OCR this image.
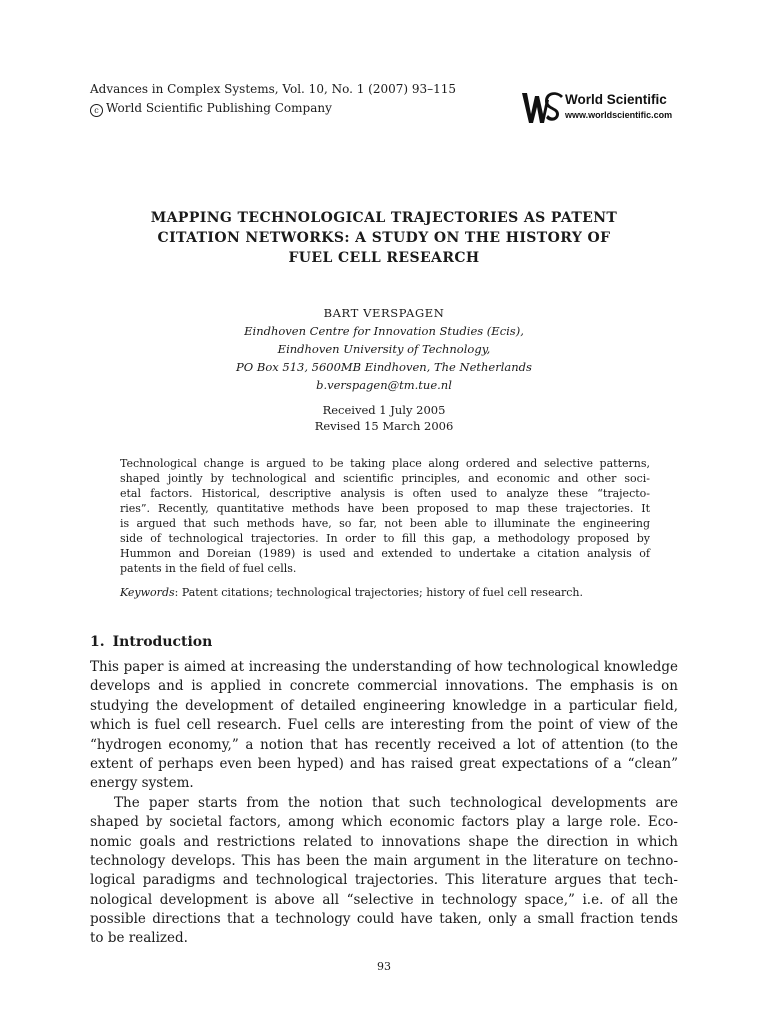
Advances in Complex Systems, Vol. 10, No. 1 (2007) 93–115
c World Scientific Publishing Company
World Scientific
www.worldscientific.com
MAPPING TECHNOLOGICAL TRAJECTORIES AS PATENT
CITATION NETWORKS: A STUDY ON THE HISTORY OF
FUEL CELL RESEARCH
BART VERSPAGEN
Eindhoven Centre for Innovation Studies (Ecis),
Eindhoven University of Technology,
PO Box 513, 5600MB Eindhoven, The Netherlands
b.verspagen@tm.tue.nl
Received 1 July 2005
Revised 15 March 2006
Technological change is argued to be taking place along ordered and selective patterns,
shaped jointly by technological and scientific principles, and economic and other soci-
etal factors. Historical, descriptive analysis is often used to analyze these “trajecto-
ries”. Recently, quantitative methods have been proposed to map these trajectories. It
is argued that such methods have, so far, not been able to illuminate the engineering
side of technological trajectories. In order to fill this gap, a methodology proposed by
Hummon and Doreian (1989) is used and extended to undertake a citation analysis of
patents in the field of fuel cells.
Keywords: Patent citations; technological trajectories; history of fuel cell research.
1. Introduction
This paper is aimed at increasing the understanding of how technological knowledge
develops and is applied in concrete commercial innovations. The emphasis is on
studying the development of detailed engineering knowledge in a particular field,
which is fuel cell research. Fuel cells are interesting from the point of view of the
“hydrogen economy,” a notion that has recently received a lot of attention (to the
extent of perhaps even been hyped) and has raised great expectations of a “clean”
energy system.
The paper starts from the notion that such technological developments are
shaped by societal factors, among which economic factors play a large role. Eco-
nomic goals and restrictions related to innovations shape the direction in which
technology develops. This has been the main argument in the literature on techno-
logical paradigms and technological trajectories. This literature argues that tech-
nological development is above all “selective in technology space,” i.e. of all the
possible directions that a technology could have taken, only a small fraction tends
to be realized.
93
